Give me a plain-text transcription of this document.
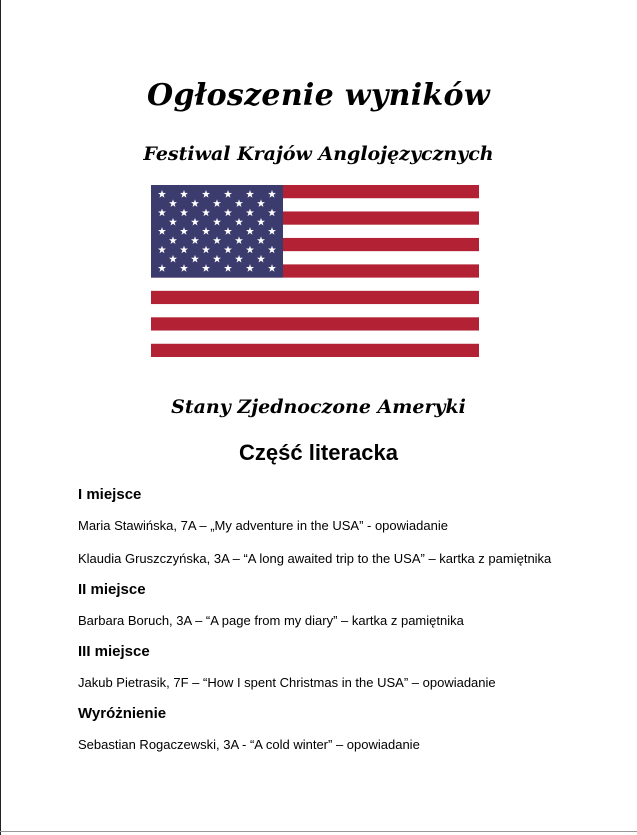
Ogłoszenie wyników
Festiwal Krajów Anglojęzycznych
Stany Zjednoczone Ameryki
Część literacka

I miejsce

Maria Stawińska, 7A – „My adventure in the USA” - opowiadanie

Klaudia Gruszczyńska, 3A – “A long awaited trip to the USA” – kartka z pamiętnika

II miejsce

Barbara Boruch, 3A – “A page from my diary” – kartka z pamiętnika

III miejsce

Jakub Pietrasik, 7F – “How I spent Christmas in the USA” – opowiadanie

Wyróżnienie

Sebastian Rogaczewski, 3A - “A cold winter” – opowiadanie
